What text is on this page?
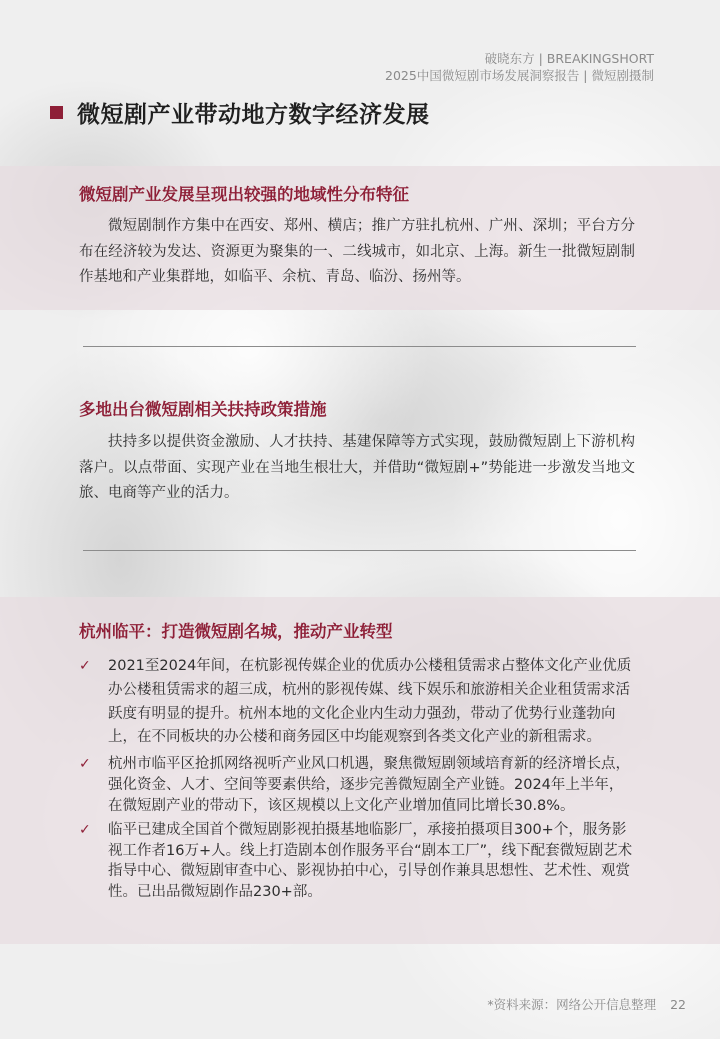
破晓东方 | BREAKINGSHORT
2025中国微短剧市场发展洞察报告 | 微短剧摄制
微短剧产业带动地方数字经济发展
微短剧产业发展呈现出较强的地域性分布特征

微短剧制作方集中在西安、郑州、横店；推广方驻扎杭州、广州、深圳；平台方分布在经济较为发达、资源更为聚集的一、二线城市，如北京、上海。新生一批微短剧制作基地和产业集群地，如临平、余杭、青岛、临汾、扬州等。

多地出台微短剧相关扶持政策措施

扶持多以提供资金激励、人才扶持、基建保障等方式实现，鼓励微短剧上下游机构落户。以点带面、实现产业在当地生根壮大，并借助“微短剧+”势能进一步激发当地文旅、电商等产业的活力。

杭州临平：打造微短剧名城，推动产业转型
✓ 2021至2024年间，在杭影视传媒企业的优质办公楼租赁需求占整体文化产业优质办公楼租赁需求的超三成，杭州的影视传媒、线下娱乐和旅游相关企业租赁需求活跃度有明显的提升。杭州本地的文化企业内生动力强劲，带动了优势行业蓬勃向上，在不同板块的办公楼和商务园区中均能观察到各类文化产业的新租需求。
✓ 杭州市临平区抢抓网络视听产业风口机遇，聚焦微短剧领域培育新的经济增长点，强化资金、人才、空间等要素供给，逐步完善微短剧全产业链。2024年上半年，在微短剧产业的带动下，该区规模以上文化产业增加值同比增长30.8%。
✓ 临平已建成全国首个微短剧影视拍摄基地临影厂，承接拍摄项目300+个，服务影视工作者16万+人。线上打造剧本创作服务平台“剧本工厂”，线下配套微短剧艺术指导中心、微短剧审查中心、影视协拍中心，引导创作兼具思想性、艺术性、观赏性。已出品微短剧作品230+部。
*资料来源：网络公开信息整理 22
